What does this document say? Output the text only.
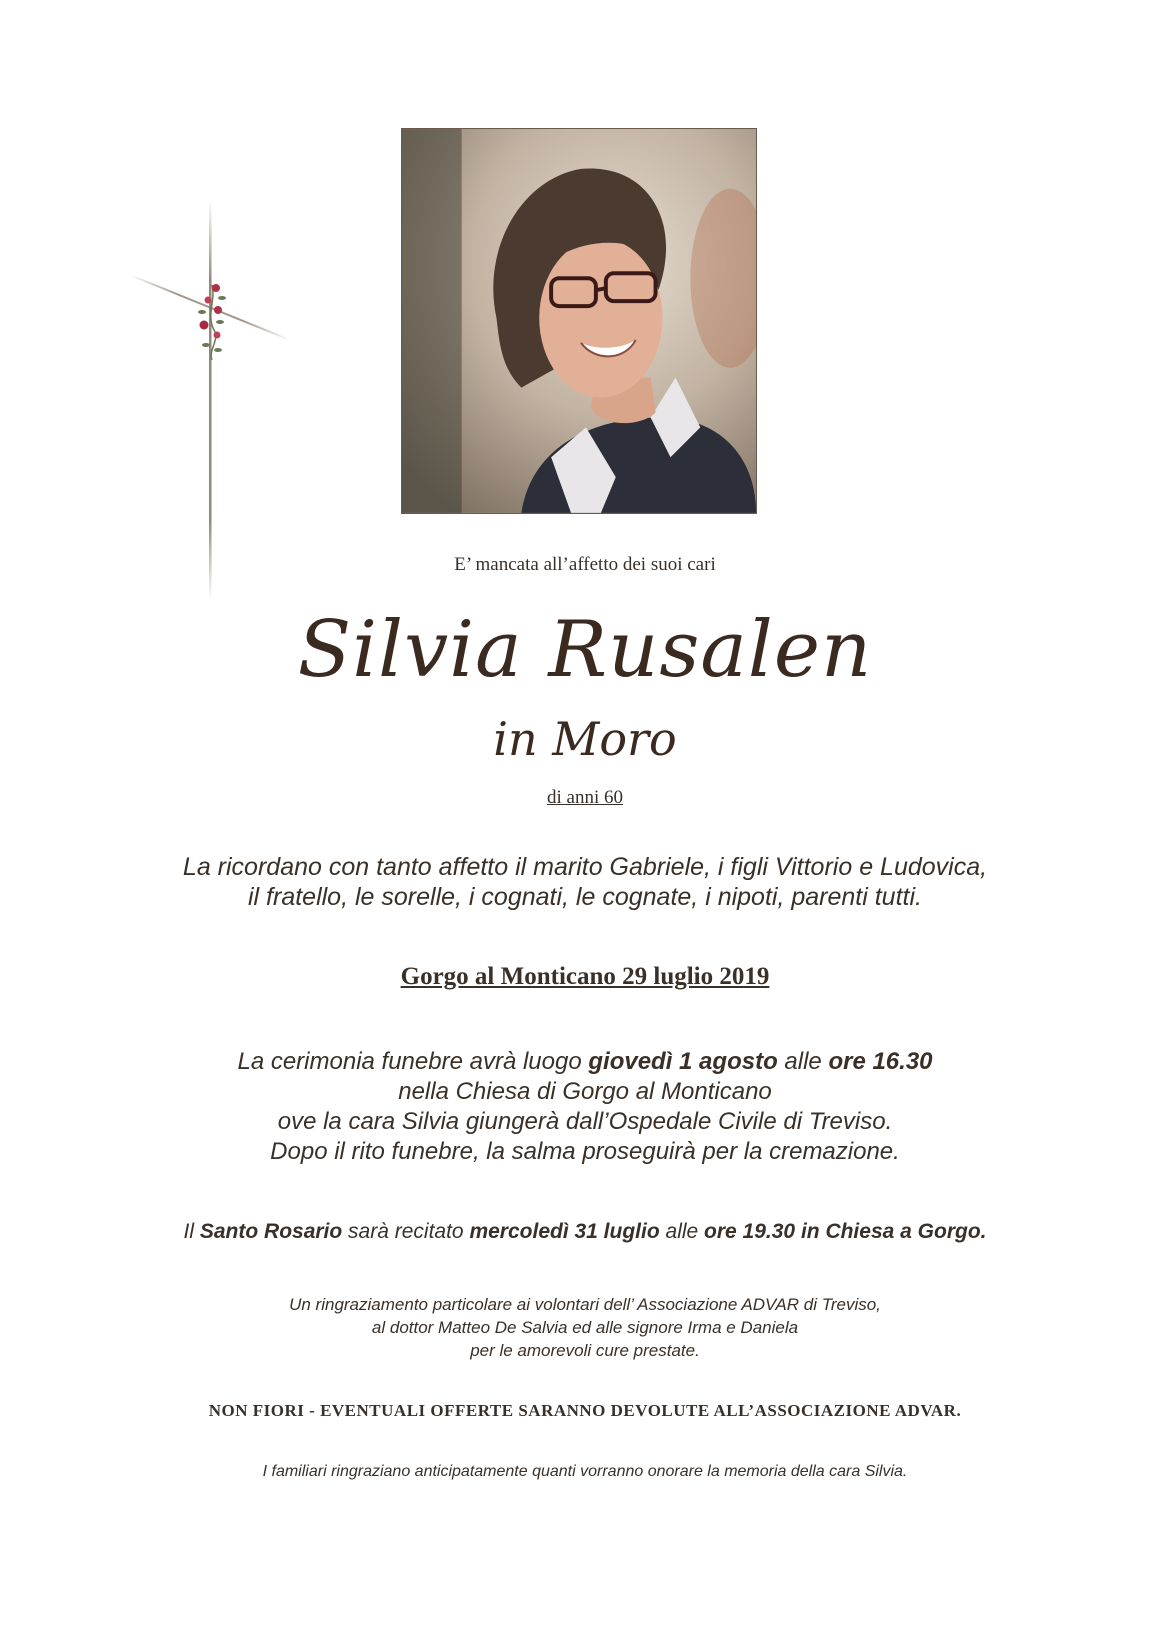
E’ mancata all’affetto dei suoi cari
Silvia Rusalen
in Moro
di anni 60
La ricordano con tanto affetto il marito Gabriele, i figli Vittorio e Ludovica,
il fratello, le sorelle, i cognati, le cognate, i nipoti, parenti tutti.
Gorgo al Monticano 29 luglio 2019
La cerimonia funebre avrà luogo giovedì 1 agosto alle ore 16.30
nella Chiesa di Gorgo al Monticano
ove la cara Silvia giungerà dall’Ospedale Civile di Treviso.
Dopo il rito funebre, la salma proseguirà per la cremazione.
Il Santo Rosario sarà recitato mercoledì 31 luglio alle ore 19.30 in Chiesa a Gorgo.
Un ringraziamento particolare ai volontari dell’ Associazione ADVAR di Treviso,
al dottor Matteo De Salvia ed alle signore Irma e Daniela
per le amorevoli cure prestate.
NON FIORI - EVENTUALI OFFERTE SARANNO DEVOLUTE ALL’ASSOCIAZIONE ADVAR.
I familiari ringraziano anticipatamente quanti vorranno onorare la memoria della cara Silvia.
